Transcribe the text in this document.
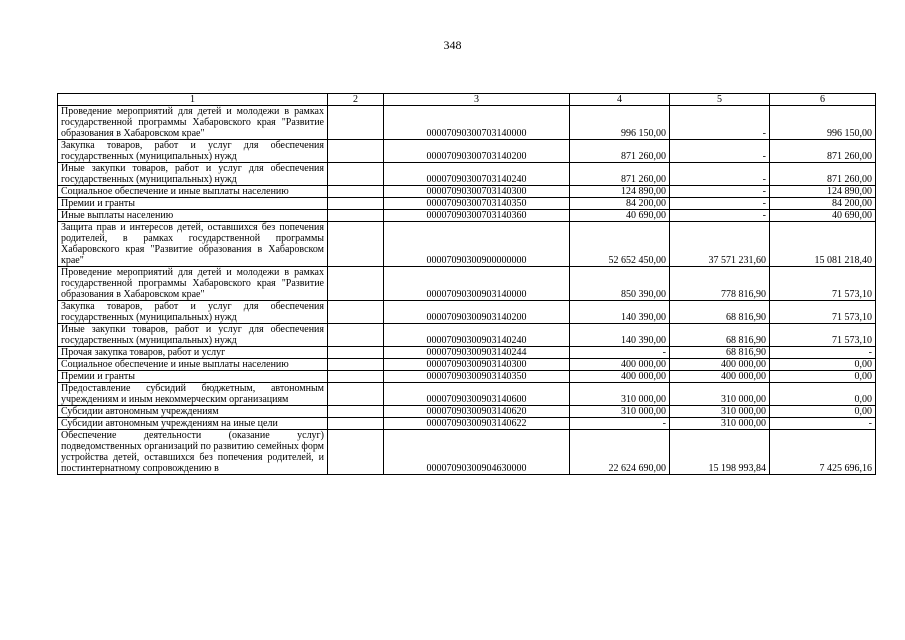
348
1	2	3	4	5	6
Проведение мероприятий для детей и молодежи в рамках государственной программы Хабаровского края "Развитие образования в Хабаровском крае"		00007090300703140000	996 150,00	-	996 150,00
Закупка товаров, работ и услуг для обеспечения государственных (муниципальных) нужд		00007090300703140200	871 260,00	-	871 260,00
Иные закупки товаров, работ и услуг для обеспечения государственных (муниципальных) нужд		00007090300703140240	871 260,00	-	871 260,00
Социальное обеспечение и иные выплаты населению		00007090300703140300	124 890,00	-	124 890,00
Премии и гранты		00007090300703140350	84 200,00	-	84 200,00
Иные выплаты населению		00007090300703140360	40 690,00	-	40 690,00
Защита прав и интересов детей, оставшихся без попечения родителей, в рамках государственной программы Хабаровского края "Развитие образования в Хабаровском крае"		00007090300900000000	52 652 450,00	37 571 231,60	15 081 218,40
Проведение мероприятий для детей и молодежи в рамках государственной программы Хабаровского края "Развитие образования в Хабаровском крае"		00007090300903140000	850 390,00	778 816,90	71 573,10
Закупка товаров, работ и услуг для обеспечения государственных (муниципальных) нужд		00007090300903140200	140 390,00	68 816,90	71 573,10
Иные закупки товаров, работ и услуг для обеспечения государственных (муниципальных) нужд		00007090300903140240	140 390,00	68 816,90	71 573,10
Прочая закупка товаров, работ и услуг		00007090300903140244	-	68 816,90	-
Социальное обеспечение и иные выплаты населению		00007090300903140300	400 000,00	400 000,00	0,00
Премии и гранты		00007090300903140350	400 000,00	400 000,00	0,00
Предоставление субсидий бюджетным, автономным учреждениям и иным некоммерческим организациям		00007090300903140600	310 000,00	310 000,00	0,00
Субсидии автономным учреждениям		00007090300903140620	310 000,00	310 000,00	0,00
Субсидии автономным учреждениям на иные цели		00007090300903140622	-	310 000,00	-
Обеспечение деятельности (оказание услуг) подведомственных организаций по развитию семейных форм устройства детей, оставшихся без попечения родителей, и постинтернатному сопровождению в		00007090300904630000	22 624 690,00	15 198 993,84	7 425 696,16
